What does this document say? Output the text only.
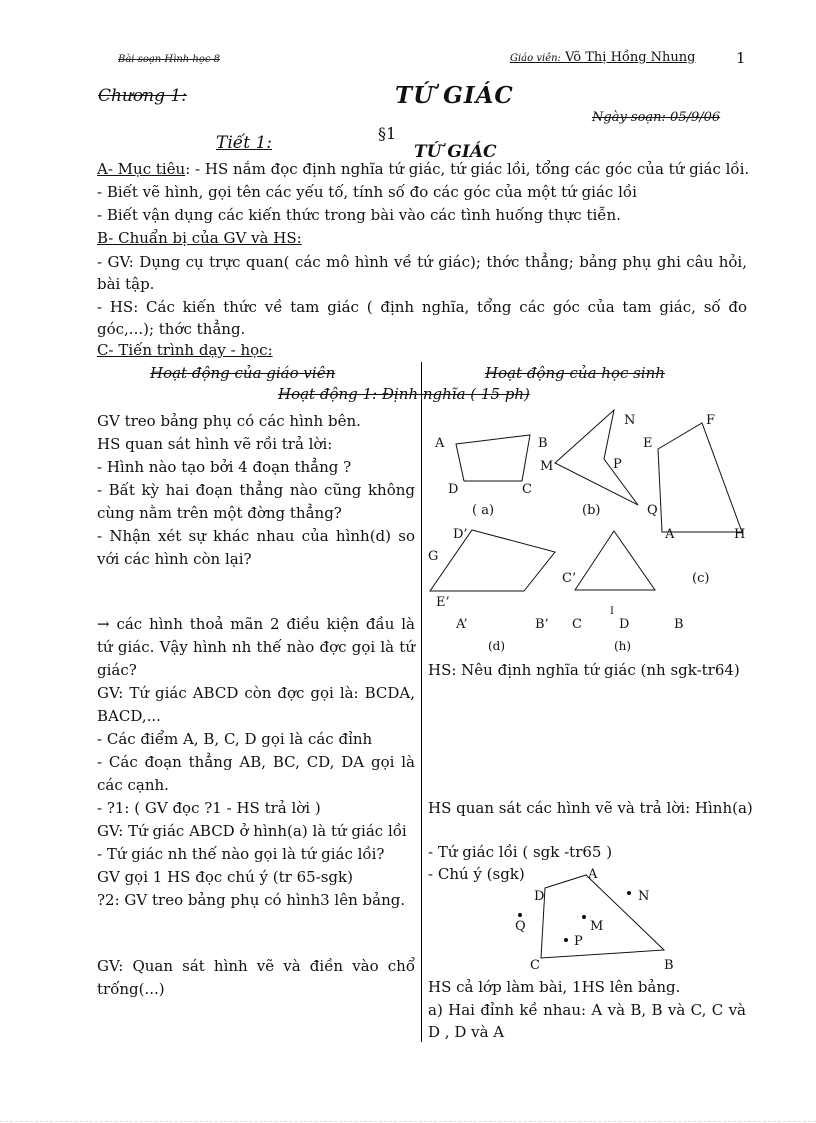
Bài soạn Hình học 8	Giáo viên: Võ Thị Hồng Nhung	1
Chương 1:	TỨ GIÁC
Ngày soạn: 05/9/06
Tiết 1:	§1
TỨ GIÁC
A- Mục tiêu: - HS nắm đọc định nghĩa tứ giác, tứ giác lồi, tổng các góc của tứ giác lồi.
- Biết vẽ hình, gọi tên các yếu tố, tính số đo các góc của một tứ giác lồi
- Biết vận dụng các kiến thức trong bài vào các tình huống thực tiễn.
B- Chuẩn bị của GV và HS:
- GV: Dụng cụ trực quan( các mô hình về tứ giác); thớc thẳng; bảng phụ ghi câu hỏi, bài tập.
- HS: Các kiến thức về tam giác ( định nghĩa, tổng các góc của tam giác, số đo góc,...); thớc thẳng.
C- Tiến trình dạy - học:
Hoạt động của giáo viên	Hoạt động của học sinh
Hoạt động 1: Định nghĩa ( 15 ph)
GV treo bảng phụ có các hình bên.
HS quan sát hình vẽ rồi trả lời:
- Hình nào tạo bởi 4 đoạn thẳng ?
- Bất kỳ hai đoạn thẳng nào cũng không cùng nằm trên một đờng thẳng?
- Nhận xét sự khác nhau của hình(d) so với các hình còn lại?
→ các hình thoả mãn 2 điều kiện đầu là tứ giác. Vậy hình nh thế nào đợc gọi là tứ giác?
GV: Tứ giác ABCD còn đợc gọi là: BCDA, BACD,...
- Các điểm A, B, C, D gọi là các đỉnh
- Các đoạn thẳng AB, BC, CD, DA gọi là các cạnh.
- ?1: ( GV đọc ?1 - HS trả lời )
GV: Tứ giác ABCD ở hình(a) là tứ giác lồi
- Tứ giác nh thế nào gọi là tứ giác lồi?
GV gọi 1 HS đọc chú ý (tr 65-sgk)
?2: GV treo bảng phụ có hình3 lên bảng.
GV: Quan sát hình vẽ và điền vào chổ trống(...)
HS: Nêu định nghĩa tứ giác (nh sgk-tr64)
HS quan sát các hình vẽ và trả lời: Hình(a)
- Tứ giác lồi ( sgk -tr65 )
- Chú ý (sgk)
HS cả lớp làm bài, 1HS lên bảng.
a) Hai đỉnh kề nhau: A và B, B và C, C và D , D và A
A	B
D	C
N
M	P
Q
F
E
A	H
D’
G
C’
E’
A’	B’ C
I
D	B
( a)	(b)
(c)
(d)	(h)
A
D	N
M
P
Q
C	B
